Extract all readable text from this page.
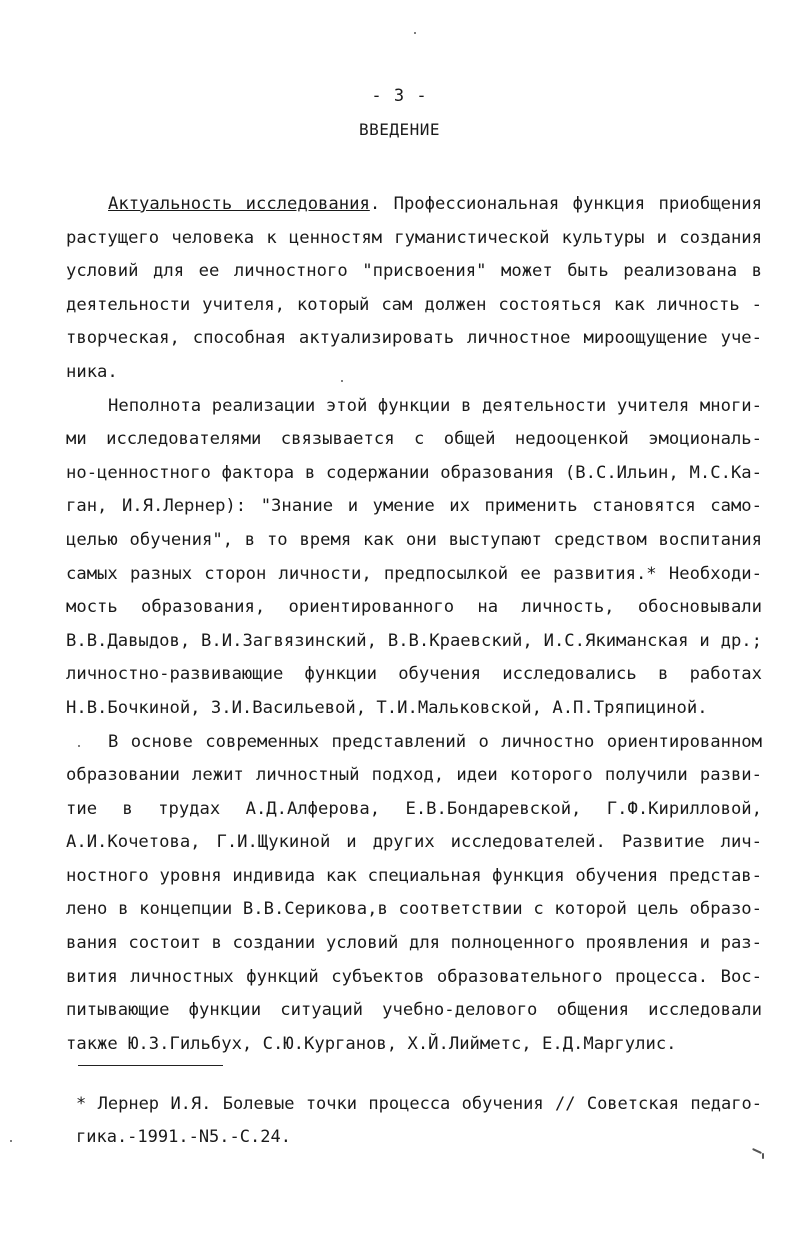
- 3 -
ВВЕДЕНИЕ
Актуальность исследования. Профессиональная функция приобщения
растущего человека к ценностям гуманистической культуры и создания
условий для ее личностного "присвоения" может быть реализована в
деятельности учителя, который сам должен состояться как личность -
творческая, способная актуализировать личностное мироощущение уче-
ника.
Неполнота реализации этой функции в деятельности учителя многи-
ми исследователями связывается с общей недооценкой эмоциональ-
но-ценностного фактора в содержании образования (В.С.Ильин, М.С.Ка-
ган, И.Я.Лернер): "Знание и умение их применить становятся само-
целью обучения", в то время как они выступают средством воспитания
самых разных сторон личности, предпосылкой ее развития.* Необходи-
мость образования, ориентированного на личность, обосновывали
В.В.Давыдов, В.И.Загвязинский, В.В.Краевский, И.С.Якиманская и др.;
личностно-развивающие функции обучения исследовались в работах
Н.В.Бочкиной, З.И.Васильевой, Т.И.Мальковской, А.П.Тряпициной.
В основе современных представлений о личностно ориентированном
образовании лежит личностный подход, идеи которого получили разви-
тие в трудах А.Д.Алферова, Е.В.Бондаревской, Г.Ф.Кирилловой,
А.И.Кочетова, Г.И.Щукиной и других исследователей. Развитие лич-
ностного уровня индивида как специальная функция обучения представ-
лено в концепции В.В.Серикова,в соответствии с которой цель образо-
вания состоит в создании условий для полноценного проявления и раз-
вития личностных функций субъектов образовательного процесса. Вос-
питывающие функции ситуаций учебно-делового общения исследовали
также Ю.З.Гильбух, С.Ю.Курганов, Х.Й.Лийметс, Е.Д.Маргулис.
* Лернер И.Я. Болевые точки процесса обучения // Советская педаго-
гика.-1991.-N5.-С.24.
